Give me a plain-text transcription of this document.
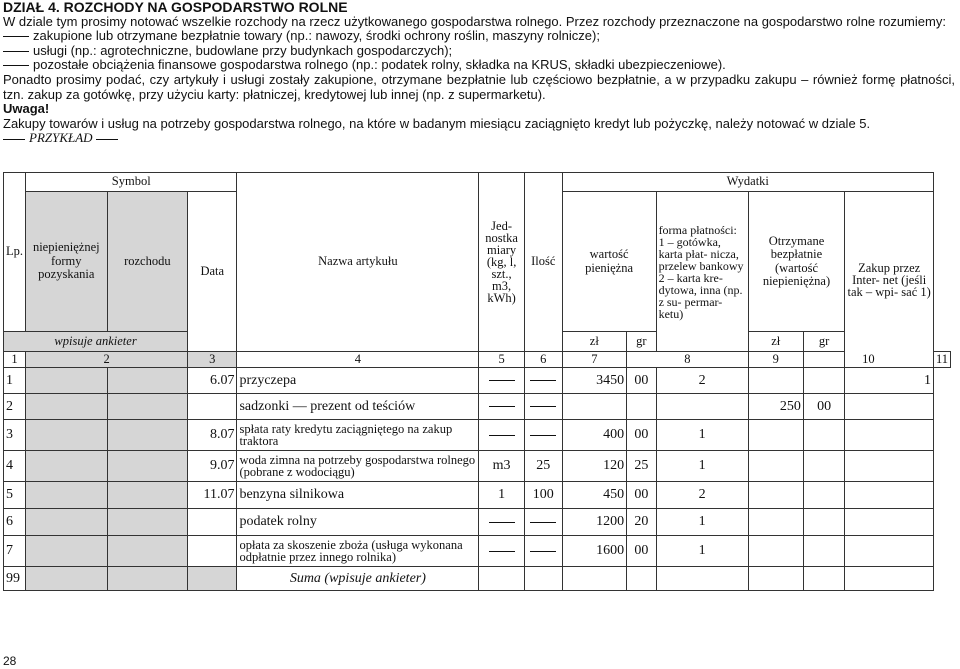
DZIAŁ 4. ROZCHODY NA GOSPODARSTWO ROLNE

W dziale tym prosimy notować wszelkie rozchody na rzecz użytkowanego gospodarstwa rolnego. Przez rozchody przeznaczone na gospodarstwo rolne rozumiemy:

zakupione lub otrzymane bezpłatnie towary (np.: nawozy, środki ochrony roślin, maszyny rolnicze);

usługi (np.: agrotechniczne, budowlane przy budynkach gospodarczych);

pozostałe obciążenia finansowe gospodarstwa rolnego (np.: podatek rolny, składka na KRUS, składki ubezpieczeniowe).

Ponadto prosimy podać, czy artykuły i usługi zostały zakupione, otrzymane bezpłatnie lub częściowo bezpłatnie, a w przypadku zakupu – również formę płatności, tzn. zakup za gotówkę, przy użyciu karty: płatniczej, kredytowej lub innej (np. z supermarketu).

Uwaga!

Zakupy towarów i usług na potrzeby gospodarstwa rolnego, na które w badanym miesiącu zaciągnięto kredyt lub pożyczkę, należy notować w dziale 5.

PRZYKŁAD

Lp.	Symbol			Nazwa artykułu	Jed- nostka miary (kg, l, szt., m3, kWh)	Ilość	Wydatki						
	niepieniężnej formy pozyskania	rozchodu	Data				wartość pieniężna		forma płatności: 1 – gotówka, karta płat- nicza, przelew bankowy 2 – karta kre- dytowa, inna (np. z su- permar- ketu)	Otrzymane bezpłatnie (wartość niepieniężna)		Zakup przez Inter- net (jeśli tak – wpi- sać 1)	
wpisuje ankieter							zł	gr		zł	gr		
1	2		3	4	5	6	7	8		9	10		11
1			6.07	przyczepa			3450	00	2			1	
2				sadzonki — prezent od teściów						250	00		
3			8.07	spłata raty kredytu zaciągniętego na zakup traktora			400	00	1				
4			9.07	woda zimna na potrzeby gospodarstwa rolnego (pobrane z wodociągu)	m3	25	120	25	1				
5			11.07	benzyna silnikowa	1	100	450	00	2				
6				podatek rolny			1200	20	1				
7				opłata za skoszenie zboża (usługa wykonana odpłatnie przez innego rolnika)			1600	00	1				
99				Suma (wpisuje ankieter)									
28
